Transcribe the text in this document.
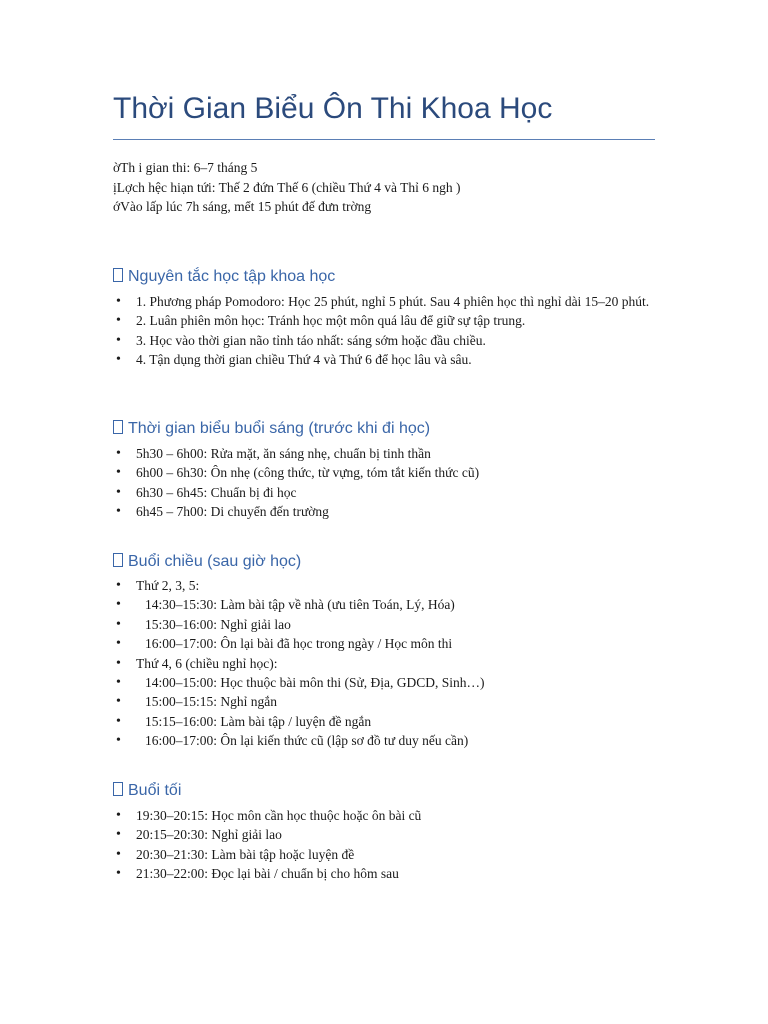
Thời Gian Biểu Ôn Thi Khoa Học
ờTh i gian thi: 6–7 tháng 5
ịLợch hệc hiạn tứi: Thế 2 đứn Thế 6 (chiều Thứ 4 và Thỉ 6 ngh )
ớVào lấp lúc 7h sáng, mểt 15 phút đế đưn trờng
Nguyên tắc học tập khoa học
• 1. Phương pháp Pomodoro: Học 25 phút, nghỉ 5 phút. Sau 4 phiên học thì nghỉ dài 15–20 phút.
• 2. Luân phiên môn học: Tránh học một môn quá lâu để giữ sự tập trung.
• 3. Học vào thời gian não tỉnh táo nhất: sáng sớm hoặc đầu chiều.
• 4. Tận dụng thời gian chiều Thứ 4 và Thứ 6 để học lâu và sâu.
Thời gian biểu buổi sáng (trước khi đi học)
• 5h30 – 6h00: Rửa mặt, ăn sáng nhẹ, chuẩn bị tinh thần
• 6h00 – 6h30: Ôn nhẹ (công thức, từ vựng, tóm tắt kiến thức cũ)
• 6h30 – 6h45: Chuẩn bị đi học
• 6h45 – 7h00: Di chuyển đến trường
Buổi chiều (sau giờ học)
• Thứ 2, 3, 5:
• 14:30–15:30: Làm bài tập về nhà (ưu tiên Toán, Lý, Hóa)
• 15:30–16:00: Nghỉ giải lao
• 16:00–17:00: Ôn lại bài đã học trong ngày / Học môn thi
• Thứ 4, 6 (chiều nghỉ học):
• 14:00–15:00: Học thuộc bài môn thi (Sử, Địa, GDCD, Sinh…)
• 15:00–15:15: Nghỉ ngắn
• 15:15–16:00: Làm bài tập / luyện đề ngắn
• 16:00–17:00: Ôn lại kiến thức cũ (lập sơ đồ tư duy nếu cần)
Buổi tối
• 19:30–20:15: Học môn cần học thuộc hoặc ôn bài cũ
• 20:15–20:30: Nghỉ giải lao
• 20:30–21:30: Làm bài tập hoặc luyện đề
• 21:30–22:00: Đọc lại bài / chuẩn bị cho hôm sau
